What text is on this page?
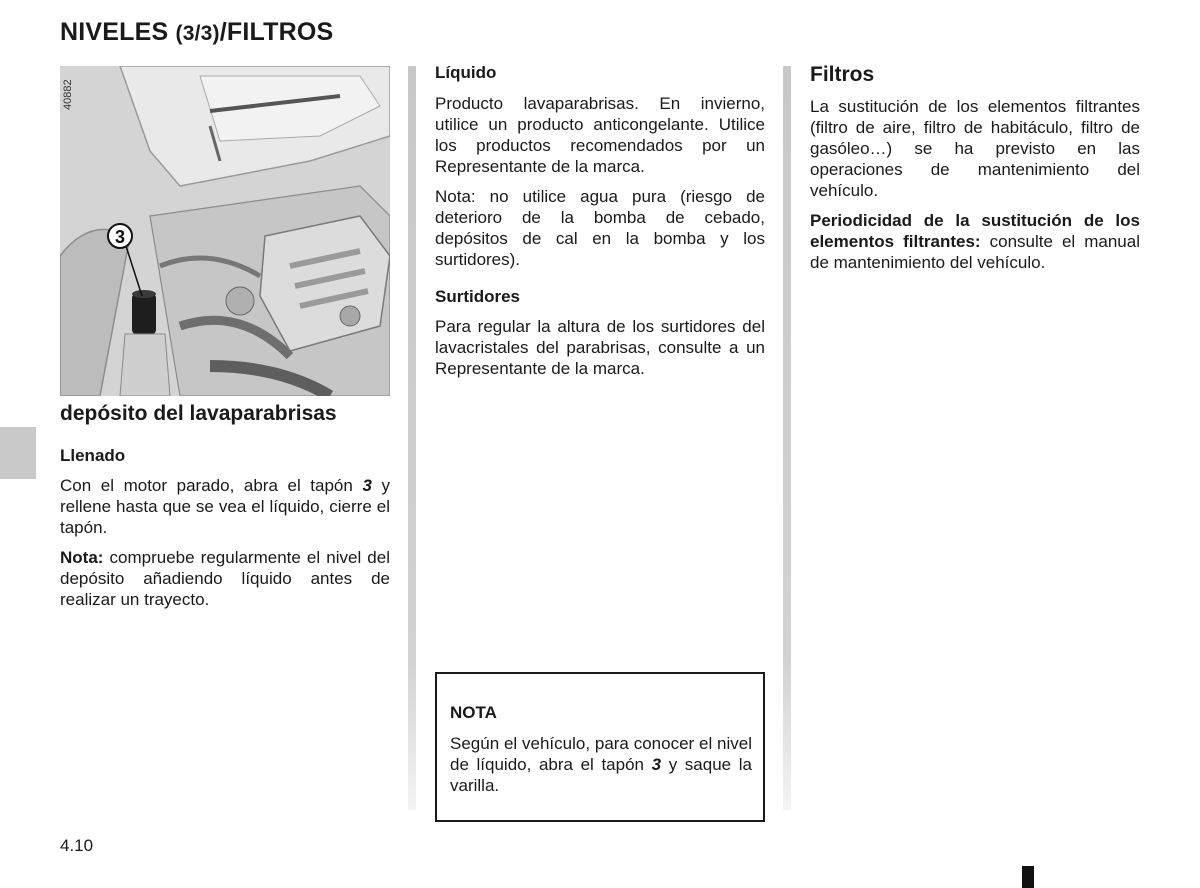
NIVELES (3/3)/FILTROS
3
40882
depósito del lavaparabrisas
Llenado

Con el motor parado, abra el tapón 3 y rellene hasta que se vea el líquido, cierre el tapón.

Nota: compruebe regularmente el nivel del depósito añadiendo líquido antes de realizar un trayecto.

Líquido

Producto lavaparabrisas. En invierno, utilice un producto anticongelante. Utilice los productos recomendados por un Representante de la marca.

Nota: no utilice agua pura (riesgo de deterioro de la bomba de cebado, depósitos de cal en la bomba y los surtidores).

Surtidores

Para regular la altura de los surtidores del lavacristales del parabrisas, consulte a un Representante de la marca.

NOTA

Según el vehículo, para conocer el nivel de líquido, abra el tapón 3 y saque la varilla.

Filtros

La sustitución de los elementos filtrantes (filtro de aire, filtro de habitáculo, filtro de gasóleo…) se ha previsto en las operaciones de mantenimiento del vehículo.

Periodicidad de la sustitución de los elementos filtrantes: consulte el manual de mantenimiento del vehículo.

4.10
